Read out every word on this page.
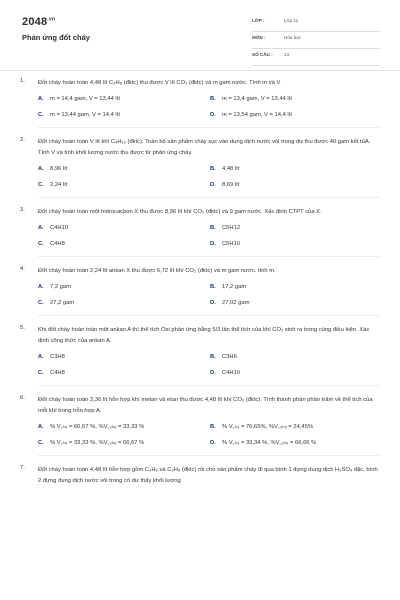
$2048^{.vn}$
Phản ứng đốt cháy
LỚP :	Lớp 11
MÔN :	Hóa học
SỐ CÂU : 13
1. Đốt cháy hoàn toàn 4,48 lít C₃H₈ (đktc) thu được V lít CO₂ (đktc) và m gam nước. Tính m và V
A. m = 14,4 gam, V = 13,44 lít	B. m = 13,4 gam, V = 13,44 lít
C. m = 13,44 gam, V = 14,4 lít	D. m = 13,54 gam, V = 14,4 lít
2. Đốt cháy hoàn toàn V lít khí C₄H₁₀ (đktc). Toàn bộ sản phẩm cháy sục vào dung dịch nước vôi trong dư thu được 40 gam kết tủA. Tính V và tính khối lượng nước thu được từ phản ứng cháy.
A. 8,96 lít	B. 4,48 lít
C. 2,24 lít	D. 8,69 lít
3. Đốt cháy hoàn toàn một hidrocacbon X thu được 8,96 lít khí CO₂ (đktc) và 9 gam nước. Xác định CTPT của X.
A. C4H10	B. C5H12
C. C4H8	D. C5H10
4. Đốt cháy hoàn toàn 2,24 lít ankan X thu được 6,72 lít khí CO₂ (đktc) và m gam nước. tính m.
A. 7,2 gam	B. 17,2 gam
C. 27,2 gam	D. 27,02 gam
5. Khi đốt cháy hoàn toàn một ankan A thì thể tích Oxi phản ứng bằng 5/3 lần thể tích của khí CO₂ sinh ra trong cùng điều kiện. Xác định công thức của ankan A.
A. C3H8	B. C3H6
C. C4H8	D. C4H10
6. Đốt cháy hoàn toàn 3,36 lít hỗn hợp khí metan và etan thu được 4,48 lít khí CO₂ (đktc). Tính thành phần phần trăm về thể tích của mỗi khí trong hỗn hợp A.
A. % V꜀ₕ₄ = 66,67 %, %V꜀₂ₕ₆ = 33,33 %	B. % V꜀ₕ₄ = 76,65%, %V꜀₂ₕ₆ = 24,45%
C. % V꜀ₕ₄ = 33,33 %, %V꜀₂ₕ₆ = 66,67 %	D. % V꜀ₕ₄ = 33,34 %, %V꜀₂ₕ₆ = 66,66 %
7. Đốt cháy hoàn toàn 4,48 lít hỗn hợp gồm C₂H₆ và C₃H₈ (đktc) rồi cho sản phẩm cháy đi qua bình 1 đựng dung dịch H₂SO₄ đặc, bình 2 đựng dung dịch nước vôi trong có dư thấy khối lượng
